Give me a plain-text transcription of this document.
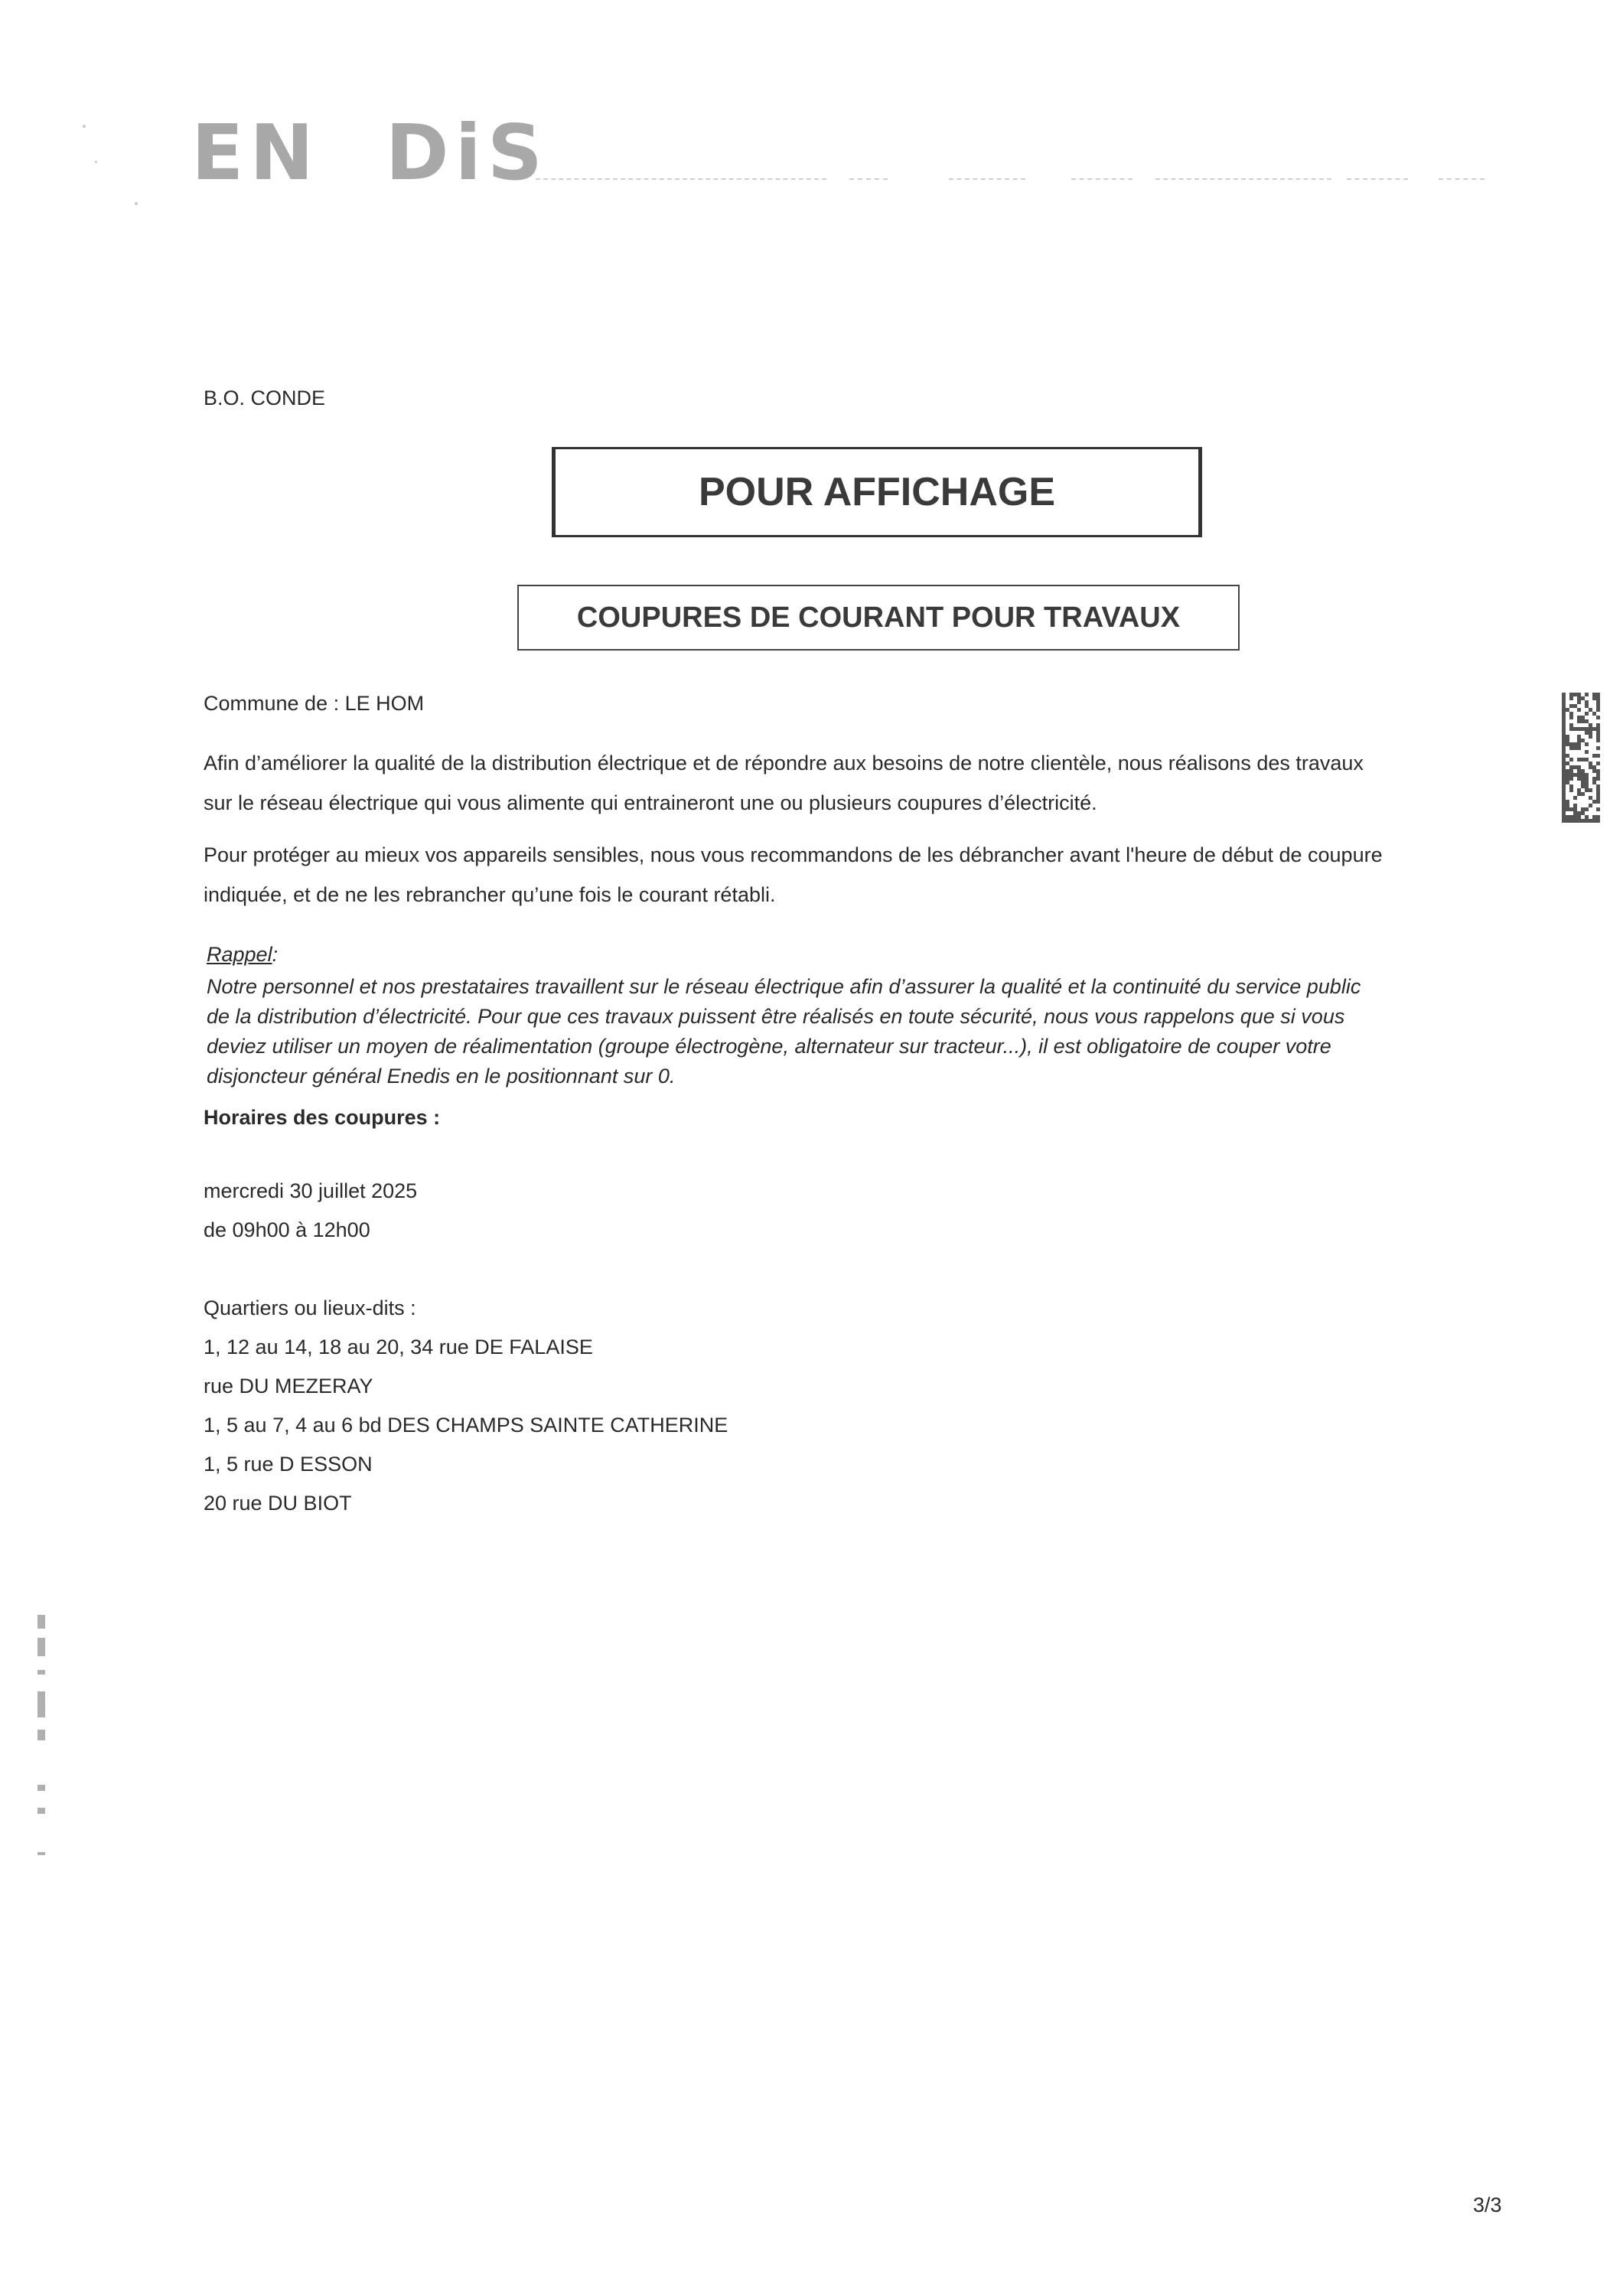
EN  DiS
B.O. CONDE
POUR AFFICHAGE
COUPURES DE COURANT POUR TRAVAUX
Commune de : LE HOM
Afin d’améliorer la qualité de la distribution électrique et de répondre aux besoins de notre clientèle, nous réalisons des travaux
sur le réseau électrique qui vous alimente qui entraineront une ou plusieurs coupures d’électricité.
Pour protéger au mieux vos appareils sensibles, nous vous recommandons de les débrancher avant l'heure de début de coupure
indiquée, et de ne les rebrancher qu’une fois le courant rétabli.
Rappel:
Notre personnel et nos prestataires travaillent sur le réseau électrique afin d’assurer la qualité et la continuité du service public
de la distribution d’électricité. Pour que ces travaux puissent être réalisés en toute sécurité, nous vous rappelons que si vous
deviez utiliser un moyen de réalimentation (groupe électrogène, alternateur sur tracteur...), il est obligatoire de couper votre
disjoncteur général Enedis en le positionnant sur 0.
Horaires des coupures :
mercredi 30 juillet 2025
de 09h00 à 12h00
Quartiers ou lieux-dits :
1, 12 au 14, 18 au 20, 34 rue DE FALAISE
rue DU MEZERAY
1, 5 au 7, 4 au 6 bd DES CHAMPS SAINTE CATHERINE
1, 5 rue D ESSON
20 rue DU BIOT
3/3
